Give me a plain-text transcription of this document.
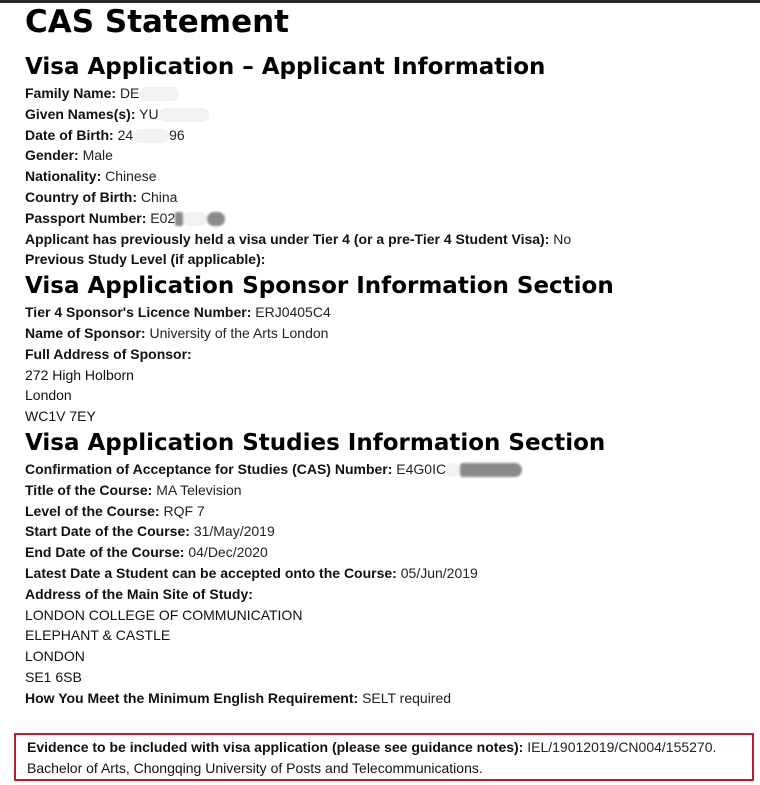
CAS Statement
Visa Application – Applicant Information
Family Name: DE
Given Names(s): YU
Date of Birth: 24	96
Gender: Male
Nationality: Chinese
Country of Birth: China
Passport Number: E02
Applicant has previously held a visa under Tier 4 (or a pre-Tier 4 Student Visa): No
Previous Study Level (if applicable):
Visa Application Sponsor Information Section
Tier 4 Sponsor's Licence Number: ERJ0405C4
Name of Sponsor: University of the Arts London
Full Address of Sponsor:
272 High Holborn
London
WC1V 7EY
Visa Application Studies Information Section
Confirmation of Acceptance for Studies (CAS) Number: E4G0IC
Title of the Course: MA Television
Level of the Course: RQF 7
Start Date of the Course: 31/May/2019
End Date of the Course: 04/Dec/2020
Latest Date a Student can be accepted onto the Course: 05/Jun/2019
Address of the Main Site of Study:
LONDON COLLEGE OF COMMUNICATION
ELEPHANT & CASTLE
LONDON
SE1 6SB
How You Meet the Minimum English Requirement: SELT required
Evidence to be included with visa application (please see guidance notes): IEL/19012019/CN004/155270.
Bachelor of Arts, Chongqing University of Posts and Telecommunications.
